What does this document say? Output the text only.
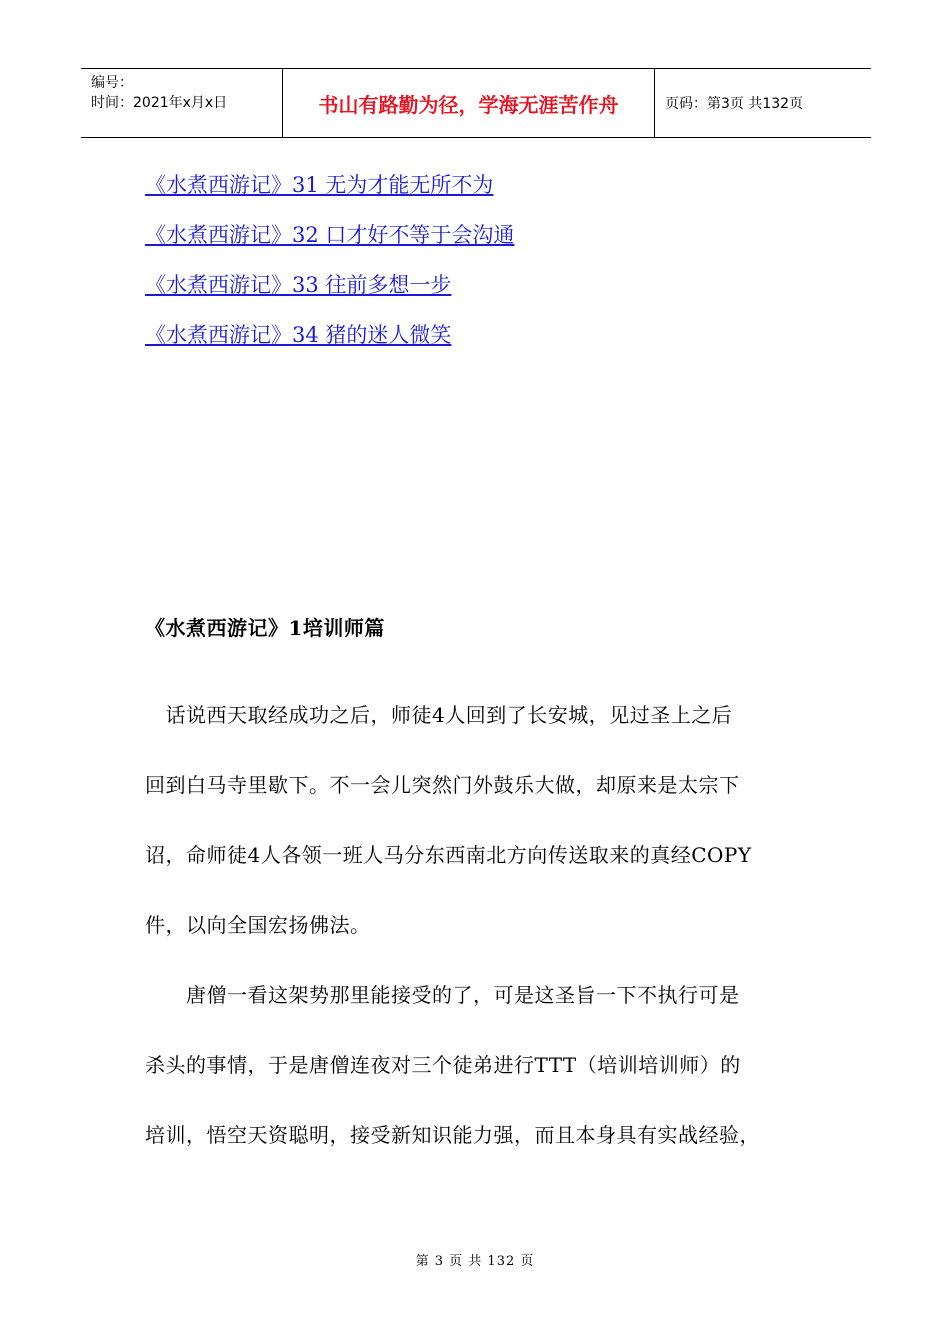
编号：
时间：2021年x月x日	书山有路勤为径，学海无涯苦作舟	页码：第3页 共132页
《水煮西游记》31 无为才能无所不为
《水煮西游记》32 口才好不等于会沟通
《水煮西游记》33 往前多想一步
《水煮西游记》34 猪的迷人微笑
《水煮西游记》1培训师篇
　话说西天取经成功之后，师徒4人回到了长安城，见过圣上之后
回到白马寺里歇下。不一会儿突然门外鼓乐大做，却原来是太宗下
诏，命师徒4人各领一班人马分东西南北方向传送取来的真经COPY
件，以向全国宏扬佛法。
　　唐僧一看这架势那里能接受的了，可是这圣旨一下不执行可是
杀头的事情，于是唐僧连夜对三个徒弟进行TTT（培训培训师）的
培训，悟空天资聪明，接受新知识能力强，而且本身具有实战经验，
第 3 页 共 132 页
